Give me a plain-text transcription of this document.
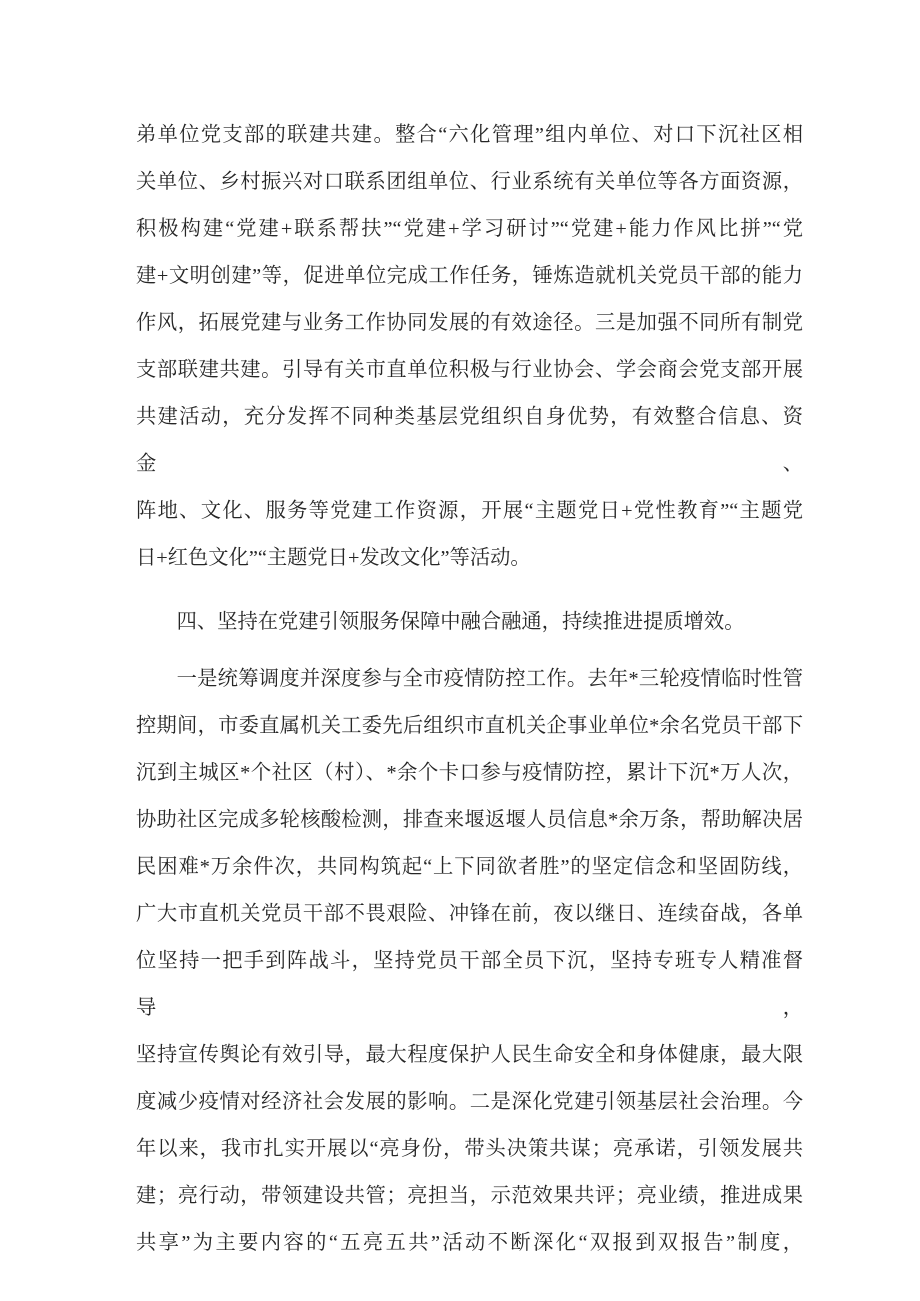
弟单位党支部的联建共建。整合“六化管理”组内单位、对口下沉社区相
关单位、乡村振兴对口联系团组单位、行业系统有关单位等各方面资源，
积极构建“党建+联系帮扶”“党建+学习研讨”“党建+能力作风比拼”“党
建+文明创建”等，促进单位完成工作任务，锤炼造就机关党员干部的能力
作风，拓展党建与业务工作协同发展的有效途径。三是加强不同所有制党
支部联建共建。引导有关市直单位积极与行业协会、学会商会党支部开展
共建活动，充分发挥不同种类基层党组织自身优势，有效整合信息、资金、
阵地、文化、服务等党建工作资源，开展“主题党日+党性教育”“主题党
日+红色文化”“主题党日+发改文化”等活动。
四、坚持在党建引领服务保障中融合融通，持续推进提质增效。
一是统筹调度并深度参与全市疫情防控工作。去年*三轮疫情临时性管
控期间，市委直属机关工委先后组织市直机关企事业单位*余名党员干部下
沉到主城区*个社区（村）、*余个卡口参与疫情防控，累计下沉*万人次，
协助社区完成多轮核酸检测，排查来堰返堰人员信息*余万条，帮助解决居
民困难*万余件次，共同构筑起“上下同欲者胜”的坚定信念和坚固防线，
广大市直机关党员干部不畏艰险、冲锋在前，夜以继日、连续奋战，各单
位坚持一把手到阵战斗，坚持党员干部全员下沉，坚持专班专人精准督导，
坚持宣传舆论有效引导，最大程度保护人民生命安全和身体健康，最大限
度减少疫情对经济社会发展的影响。二是深化党建引领基层社会治理。今
年以来，我市扎实开展以“亮身份，带头决策共谋；亮承诺，引领发展共
建；亮行动，带领建设共管；亮担当，示范效果共评；亮业绩，推进成果
共享”为主要内容的“五亮五共”活动不断深化“双报到双报告”制度，
